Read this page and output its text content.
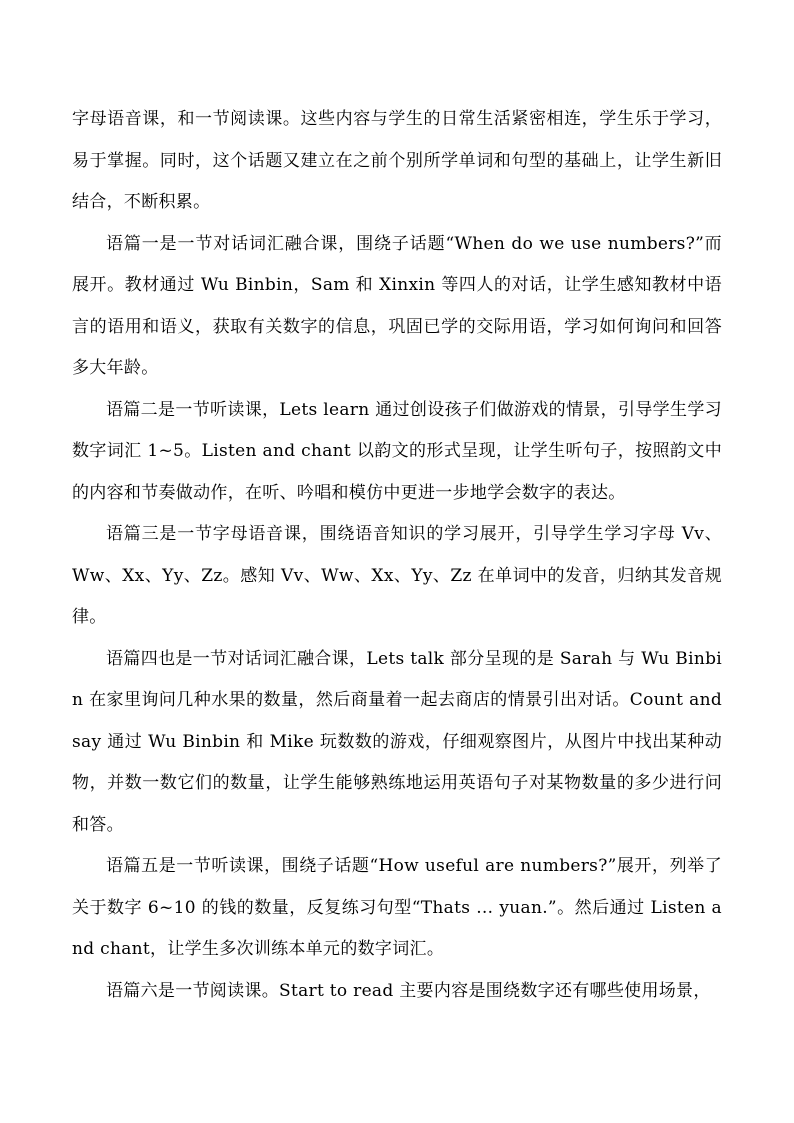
字母语音课，和一节阅读课。这些内容与学生的日常生活紧密相连，学生乐于学习，易于掌握。同时，这个话题又建立在之前个别所学单词和句型的基础上，让学生新旧结合，不断积累。

语篇一是一节对话词汇融合课，围绕子话题“When do we use numbers?”而展开。教材通过 Wu Binbin，Sam 和 Xinxin 等四人的对话，让学生感知教材中语言的语用和语义，获取有关数字的信息，巩固已学的交际用语，学习如何询问和回答多大年龄。

语篇二是一节听读课，Lets learn 通过创设孩子们做游戏的情景，引导学生学习数字词汇 1~5。Listen and chant 以韵文的形式呈现，让学生听句子，按照韵文中的内容和节奏做动作，在听、吟唱和模仿中更进一步地学会数字的表达。

语篇三是一节字母语音课，围绕语音知识的学习展开，引导学生学习字母 Vv、Ww、Xx、Yy、Zz。感知 Vv、Ww、Xx、Yy、Zz 在单词中的发音，归纳其发音规律。

语篇四也是一节对话词汇融合课，Lets talk 部分呈现的是 Sarah 与 Wu Binbin 在家里询问几种水果的数量，然后商量着一起去商店的情景引出对话。Count and say 通过 Wu Binbin 和 Mike 玩数数的游戏，仔细观察图片，从图片中找出某种动物，并数一数它们的数量，让学生能够熟练地运用英语句子对某物数量的多少进行问和答。

语篇五是一节听读课，围绕子话题“How useful are numbers?”展开，列举了关于数字 6~10 的钱的数量，反复练习句型“Thats … yuan.”。然后通过 Listen and chant，让学生多次训练本单元的数字词汇。

语篇六是一节阅读课。Start to read 主要内容是围绕数字还有哪些使用场景，
